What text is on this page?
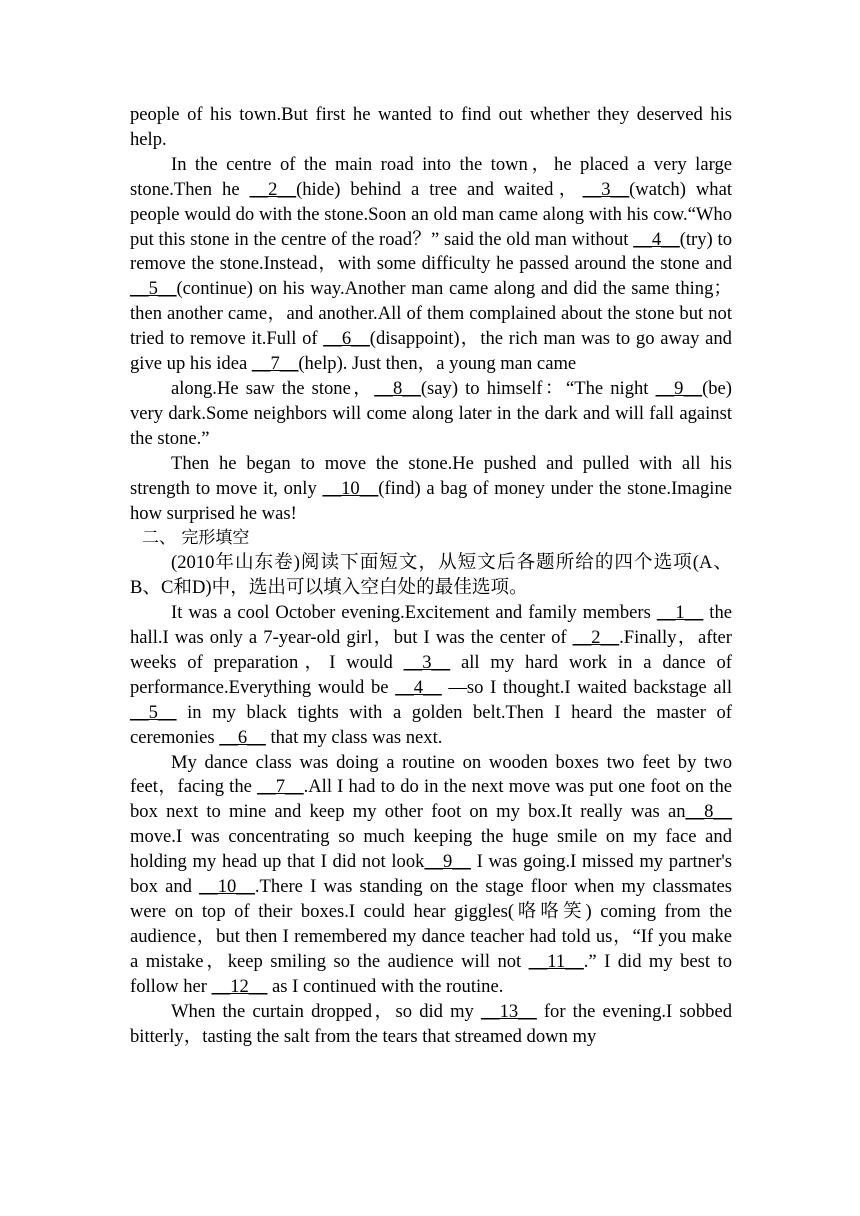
people of his town.But first he wanted to find out whether they deserved his help.

In the centre of the main road into the town，he placed a very large stone.Then he __2__(hide) behind a tree and waited，__3__(watch) what people would do with the stone.Soon an old man came along with his cow.“Who put this stone in the centre of the road？” said the old man without __4__(try) to remove the stone.Instead，with some difficulty he passed around the stone and __5__(continue) on his way.Another man came along and did the same thing；then another came，and another.All of them complained about the stone but not tried to remove it.Full of __6__(disappoint)，the rich man was to go away and give up his idea __7__(help). Just then，a young man came

along.He saw the stone，__8__(say) to himself：“The night __9__(be) very dark.Some neighbors will come along later in the dark and will fall against the stone.”

Then he began to move the stone.He pushed and pulled with all his strength to move it, only __10__(find) a bag of money under the stone.Imagine how surprised he was!

二、 完形填空

(2010年山东卷)阅读下面短文，从短文后各题所给的四个选项(A、B、C和D)中，选出可以填入空白处的最佳选项。

It was a cool October evening.Excitement and family members __1__ the hall.I was only a 7-year-old girl，but I was the center of __2__.Finally，after weeks of preparation，I would __3__ all my hard work in a dance of performance.Everything would be __4__ —so I thought.I waited backstage all __5__ in my black tights with a golden belt.Then I heard the master of ceremonies __6__ that my class was next.

My dance class was doing a routine on wooden boxes two feet by two feet，facing the __7__.All I had to do in the next move was put one foot on the box next to mine and keep my other foot on my box.It really was an__8__ move.I was concentrating so much keeping the huge smile on my face and holding my head up that I did not look__9__ I was going.I missed my partner's box and __10__.There I was standing on the stage floor when my classmates were on top of their boxes.I could hear giggles(咯咯笑) coming from the audience，but then I remembered my dance teacher had told us，“If you make a mistake，keep smiling so the audience will not __11__.” I did my best to follow her __12__ as I continued with the routine.

When the curtain dropped，so did my __13__ for the evening.I sobbed bitterly，tasting the salt from the tears that streamed down my
